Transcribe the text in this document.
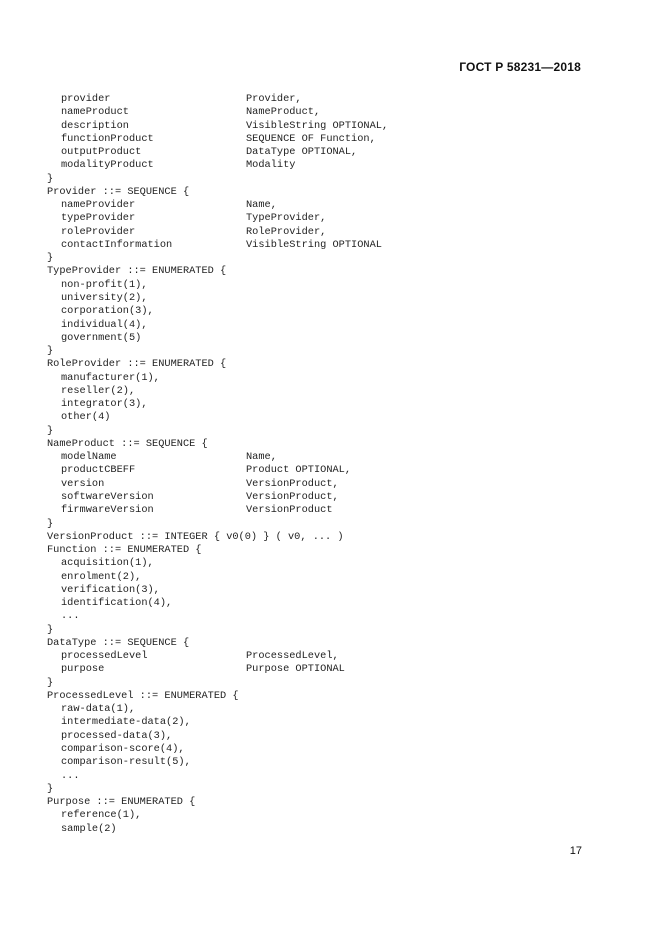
ГОСТ Р 58231—2018
provider	Provider,
nameProduct	NameProduct,
description	VisibleString OPTIONAL,
functionProduct	SEQUENCE OF Function,
outputProduct	DataType OPTIONAL,
modalityProduct	Modality
}
Provider ::= SEQUENCE {
nameProvider	Name,
typeProvider	TypeProvider,
roleProvider	RoleProvider,
contactInformation	VisibleString OPTIONAL
}
TypeProvider ::= ENUMERATED {
non-profit(1),
university(2),
corporation(3),
individual(4),
government(5)
}
RoleProvider ::= ENUMERATED {
manufacturer(1),
reseller(2),
integrator(3),
other(4)
}
NameProduct ::= SEQUENCE {
modelName	Name,
productCBEFF	Product OPTIONAL,
version	VersionProduct,
softwareVersion	VersionProduct,
firmwareVersion	VersionProduct
}
VersionProduct ::= INTEGER { v0(0) } ( v0, ... )
Function ::= ENUMERATED {
acquisition(1),
enrolment(2),
verification(3),
identification(4),
...
}
DataType ::= SEQUENCE {
processedLevel	ProcessedLevel,
purpose	Purpose OPTIONAL
}
ProcessedLevel ::= ENUMERATED {
raw-data(1),
intermediate-data(2),
processed-data(3),
comparison-score(4),
comparison-result(5),
...
}
Purpose ::= ENUMERATED {
reference(1),
sample(2)
17
